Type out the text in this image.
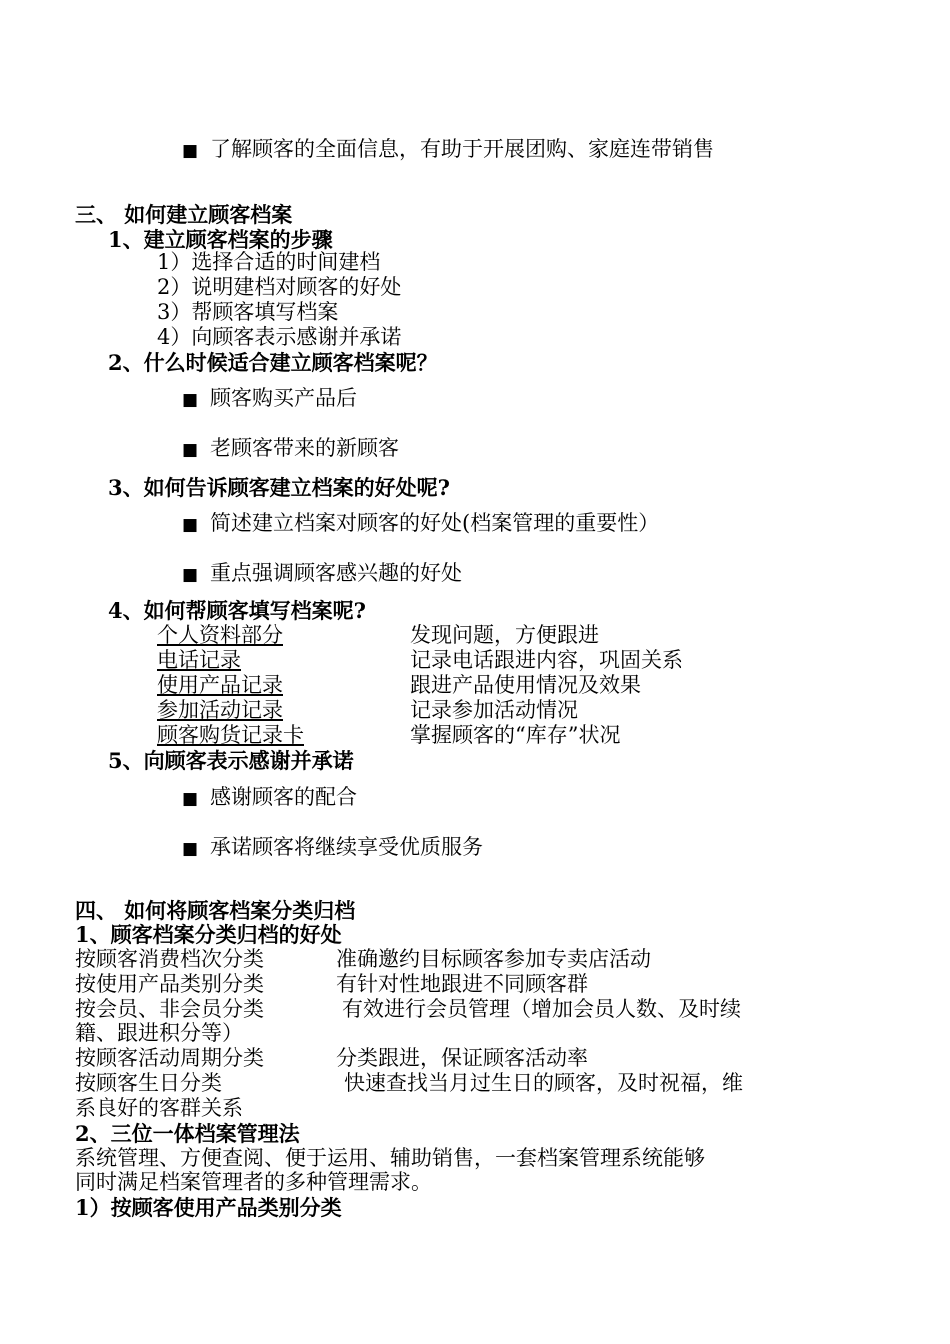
■ 了解顾客的全面信息，有助于开展团购、家庭连带销售
三、 如何建立顾客档案
1、建立顾客档案的步骤
1）选择合适的时间建档
2）说明建档对顾客的好处
3）帮顾客填写档案
4）向顾客表示感谢并承诺
2、什么时候适合建立顾客档案呢？
■ 顾客购买产品后
■ 老顾客带来的新顾客
3、如何告诉顾客建立档案的好处呢?
■ 简述建立档案对顾客的好处(档案管理的重要性）
■ 重点强调顾客感兴趣的好处
4、如何帮顾客填写档案呢?
个人资料部分	发现问题，方便跟进
电话记录	记录电话跟进内容，巩固关系
使用产品记录	跟进产品使用情况及效果
参加活动记录	记录参加活动情况
顾客购货记录卡	掌握顾客的“库存”状况
5、向顾客表示感谢并承诺
■ 感谢顾客的配合
■ 承诺顾客将继续享受优质服务
四、 如何将顾客档案分类归档
1、顾客档案分类归档的好处
按顾客消费档次分类	准确邀约目标顾客参加专卖店活动
按使用产品类别分类	有针对性地跟进不同顾客群
按会员、非会员分类	有效进行会员管理（增加会员人数、及时续
籍、跟进积分等）
按顾客活动周期分类	分类跟进，保证顾客活动率
按顾客生日分类	快速查找当月过生日的顾客，及时祝福，维
系良好的客群关系
2、三位一体档案管理法
系统管理、方便查阅、便于运用、辅助销售，一套档案管理系统能够
同时满足档案管理者的多种管理需求。
1）按顾客使用产品类别分类
